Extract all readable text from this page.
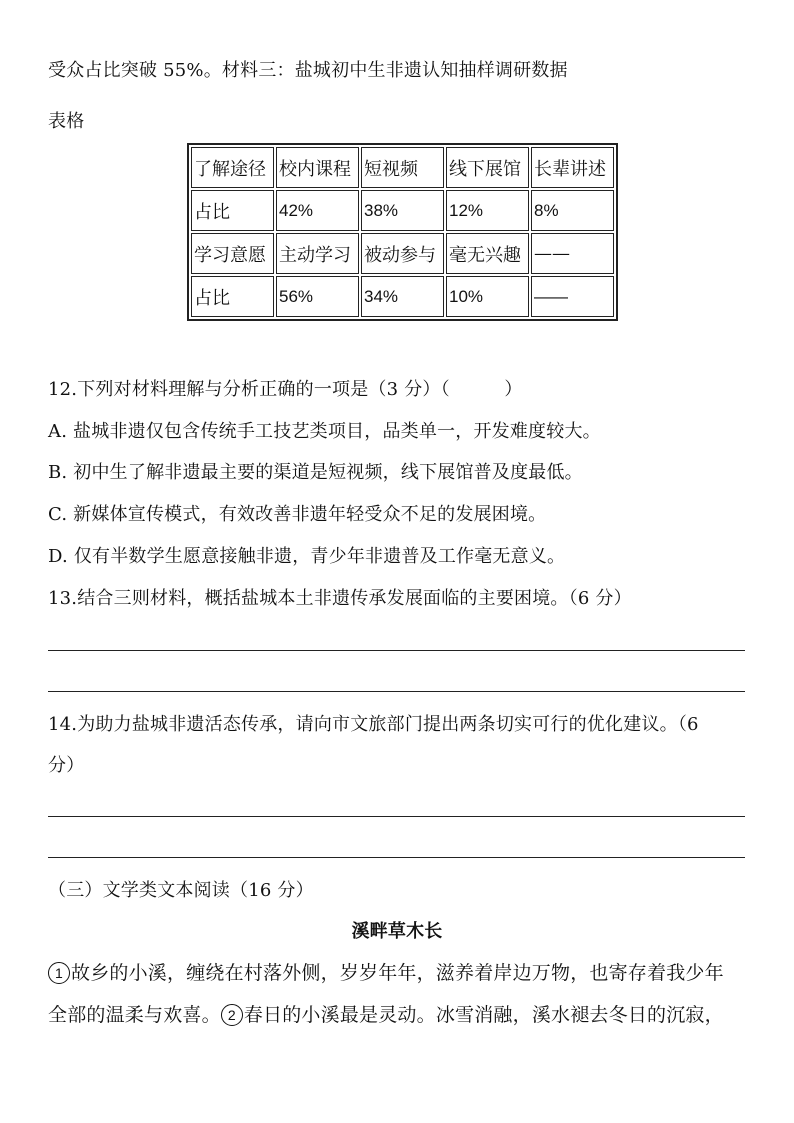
受众占比突破 55%。材料三：盐城初中生非遗认知抽样调研数据
表格
了解途径	校内课程	短视频	线下展馆	长辈讲述
占比	42%	38%	12%	8%
学习意愿	主动学习	被动参与	毫无兴趣	——
占比	56%	34%	10%	——
12.下列对材料理解与分析正确的一项是（3 分）（　　　）
A. 盐城非遗仅包含传统手工技艺类项目，品类单一，开发难度较大。
B. 初中生了解非遗最主要的渠道是短视频，线下展馆普及度最低。
C. 新媒体宣传模式，有效改善非遗年轻受众不足的发展困境。
D. 仅有半数学生愿意接触非遗，青少年非遗普及工作毫无意义。
13.结合三则材料，概括盐城本土非遗传承发展面临的主要困境。（6 分）
14.为助力盐城非遗活态传承，请向市文旅部门提出两条切实可行的优化建议。（6
分）
（三）文学类文本阅读（16 分）
溪畔草木长
1 故乡的小溪，缠绕在村落外侧，岁岁年年，滋养着岸边万物，也寄存着我少年
全部的温柔与欢喜。 2 春日的小溪最是灵动。冰雪消融，溪水褪去冬日的沉寂，
